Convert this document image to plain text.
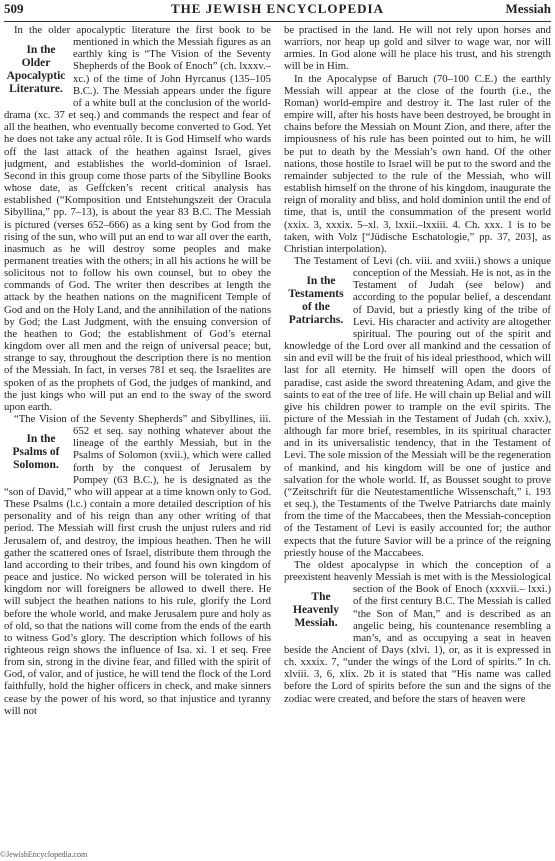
509	THE JEWISH ENCYCLOPEDIA	Messiah

In the older apocalyptic literature the first book to be mentioned in which the Messiah figures as an
In the Older Apocalyptic Literature.
earthly king is “The Vision of the Seventy Shepherds of the Book of Enoch” (ch. lxxxv.–xc.) of the time of John Hyrcanus (135–105 B.C.). The Messiah appears under the figure of a white bull at the conclusion of the world-drama (xc. 37 et seq.) and commands the respect and fear of all the heathen, who eventually become converted to God. Yet he does not take any actual rôle. It is God Himself who wards off the last attack of the heathen against Israel, gives judgment, and establishes the world-dominion of Israel. Second in this group come those parts of the Sibylline Books whose date, as Geffcken’s recent critical analysis has established (“Komposition und Entstehungszeit der Oracula Sibyllina,” pp. 7–13), is about the year 83 B.C. The Messiah is pictured (verses 652–666) as a king sent by God from the rising of the sun, who will put an end to war all over the earth, inasmuch as he will destroy some peoples and make permanent treaties with the others; in all his actions he will be solicitous not to follow his own counsel, but to obey the commands of God. The writer then describes at length the attack by the heathen nations on the magnificent Temple of God and on the Holy Land, and the annihilation of the nations by God; the Last Judgment, with the ensuing conversion of the heathen to God; the establishment of God’s eternal kingdom over all men and the reign of universal peace; but, strange to say, throughout the description there is no mention of the Messiah. In fact, in verses 781 et seq. the Israelites are spoken of as the prophets of God, the judges of mankind, and the just kings who will put an end to the sway of the sword upon earth.

“The Vision of the Seventy Shepherds” and Sibyllines, iii. 652 et seq. say nothing whatever about
In the Psalms of Solomon.
the lineage of the earthly Messiah, but in the Psalms of Solomon (xvii.), which were called forth by the conquest of Jerusalem by Pompey (63 B.C.), he is designated as the “son of David,” who will appear at a time known only to God. These Psalms (l.c.) contain a more detailed description of his personality and of his reign than any other writing of that period. The Messiah will first crush the unjust rulers and rid Jerusalem of, and destroy, the impious heathen. Then he will gather the scattered ones of Israel, distribute them through the land according to their tribes, and found his own kingdom of peace and justice. No wicked person will be tolerated in his kingdom nor will foreigners be allowed to dwell there. He will subject the heathen nations to his rule, glorify the Lord before the whole world, and make Jerusalem pure and holy as of old, so that the nations will come from the ends of the earth to witness God’s glory. The description which follows of his righteous reign shows the influence of Isa. xi. 1 et seq. Free from sin, strong in the divine fear, and filled with the spirit of God, of valor, and of justice, he will tend the flock of the Lord faithfully, hold the higher officers in check, and make sinners cease by the power of his word, so that injustice and tyranny will not

be practised in the land. He will not rely upon horses and warriors, nor heap up gold and silver to wage war, nor will armies. In God alone will he place his trust, and his strength will be in Him.

In the Apocalypse of Baruch (70–100 C.E.) the earthly Messiah will appear at the close of the fourth (i.e., the Roman) world-empire and destroy it. The last ruler of the empire will, after his hosts have been destroyed, be brought in chains before the Messiah on Mount Zion, and there, after the impiousness of his rule has been pointed out to him, he will be put to death by the Messiah’s own hand. Of the other nations, those hostile to Israel will be put to the sword and the remainder subjected to the rule of the Messiah, who will establish himself on the throne of his kingdom, inaugurate the reign of morality and bliss, and hold dominion until the end of time, that is, until the consummation of the present world (xxix. 3, xxxix. 5–xl. 3, lxxii.–lxxiii. 4. Ch. xxx. 1 is to be taken, with Volz [“Jüdische Eschatologie,” pp. 37, 203], as Christian interpolation).

The Testament of Levi (ch. viii. and xviii.) shows a unique conception of the Messiah. He is not, as
In the Testaments of the Patriarchs.
in the Testament of Judah (see below) and according to the popular belief, a descendant of David, but a priestly king of the tribe of Levi. His character and activity are altogether spiritual. The pouring out of the spirit and knowledge of the Lord over all mankind and the cessation of sin and evil will be the fruit of his ideal priesthood, which will last for all eternity. He himself will open the doors of paradise, cast aside the sword threatening Adam, and give the saints to eat of the tree of life. He will chain up Belial and will give his children power to trample on the evil spirits. The picture of the Messiah in the Testament of Judah (ch. xxiv.), although far more brief, resembles, in its spiritual character and in its universalistic tendency, that in the Testament of Levi. The sole mission of the Messiah will be the regeneration of mankind, and his kingdom will be one of justice and salvation for the whole world. If, as Bousset sought to prove (“Zeitschrift für die Neutestamentliche Wissenschaft,” i. 193 et seq.), the Testaments of the Twelve Patriarchs date mainly from the time of the Maccabees, then the Messiah-conception of the Testament of Levi is easily accounted for; the author expects that the future Savior will be a prince of the reigning priestly house of the Maccabees.

The oldest apocalypse in which the conception of a preexistent heavenly Messiah is met with is the Messiological section of the Book of Enoch (xxxvii.–
The Heavenly Messiah.
lxxi.) of the first century B.C. The Messiah is called “the Son of Man,” and is described as an angelic being, his countenance resembling a man’s, and as occupying a seat in heaven beside the Ancient of Days (xlvi. 1), or, as it is expressed in ch. xxxix. 7, “under the wings of the Lord of spirits.” In ch. xlviii. 3, 6, xlix. 2b it is stated that “His name was called before the Lord of spirits before the sun and the signs of the zodiac were created, and before the stars of heaven were

©JewishEncyclopedia.com
